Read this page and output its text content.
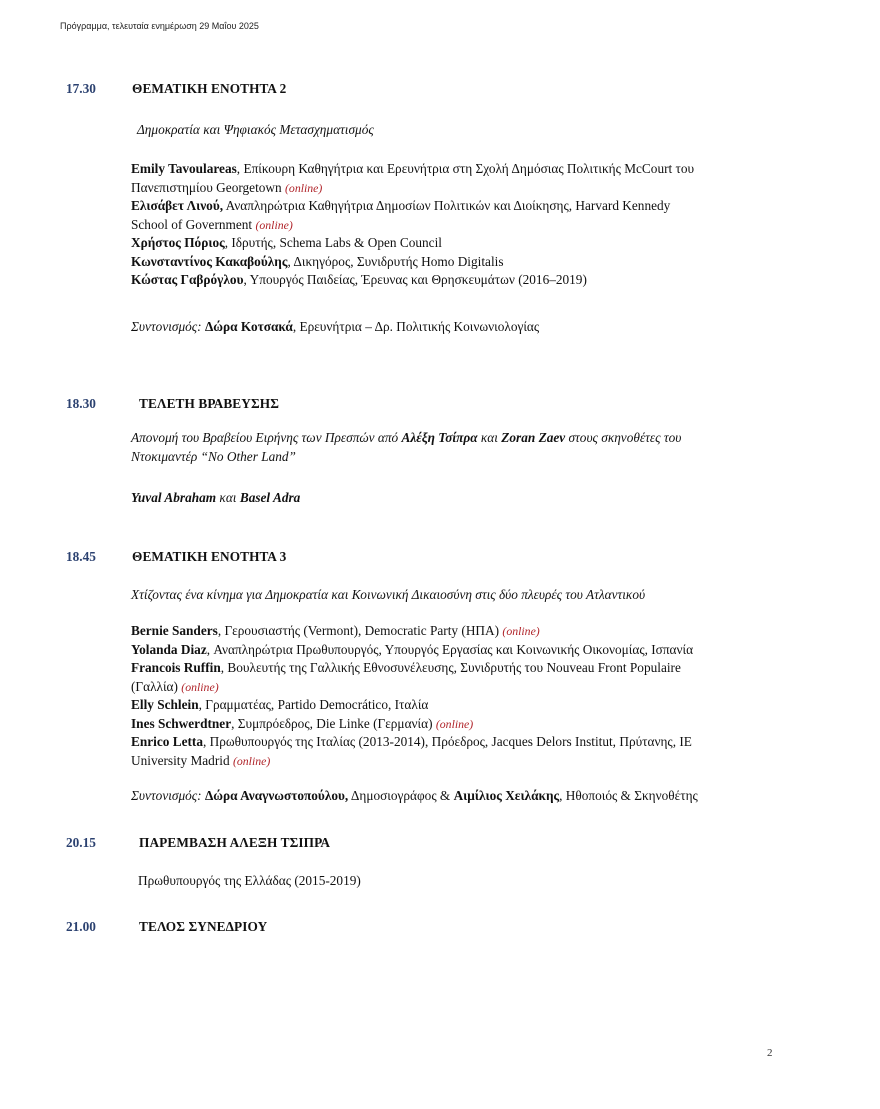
Πρόγραμμα, τελευταία ενημέρωση 29 Μαΐου 2025
17.30	ΘΕΜΑΤΙΚΗ ΕΝΟΤΗΤΑ 2
Δημοκρατία και Ψηφιακός Μετασχηματισμός
Emily Tavoulareas, Επίκουρη Καθηγήτρια και Ερευνήτρια στη Σχολή Δημόσιας Πολιτικής McCourt του
Πανεπιστημίου Georgetown (online)
Ελισάβετ Λινού, Αναπληρώτρια Καθηγήτρια Δημοσίων Πολιτικών και Διοίκησης, Harvard Kennedy
School of Government (online)
Χρήστος Πόριος, Ιδρυτής, Schema Labs & Open Council
Κωνσταντίνος Κακαβούλης, Δικηγόρος, Συνιδρυτής Homo Digitalis
Κώστας Γαβρόγλου, Υπουργός Παιδείας, Έρευνας και Θρησκευμάτων (2016–2019)
Συντονισμός: Δώρα Κοτσακά, Ερευνήτρια – Δρ. Πολιτικής Κοινωνιολογίας
18.30	ΤΕΛΕΤΗ ΒΡΑΒΕΥΣΗΣ
Απονομή του Βραβείου Ειρήνης των Πρεσπών από Αλέξη Τσίπρα και Zoran Zaev στους σκηνοθέτες του
Ντοκιμαντέρ “No Other Land”
Yuval Abraham και Basel Adra
18.45	ΘΕΜΑΤΙΚΗ ΕΝΟΤΗΤΑ 3
Χτίζοντας ένα κίνημα για Δημοκρατία και Κοινωνική Δικαιοσύνη στις δύο πλευρές του Ατλαντικού
Bernie Sanders, Γερουσιαστής (Vermont), Democratic Party (ΗΠΑ) (online)
Yolanda Diaz, Αναπληρώτρια Πρωθυπουργός, Υπουργός Εργασίας και Κοινωνικής Οικονομίας, Ισπανία
Francois Ruffin, Βουλευτής της Γαλλικής Εθνοσυνέλευσης, Συνιδρυτής του Nouveau Front Populaire
(Γαλλία) (online)
Elly Schlein, Γραμματέας, Partido Democrático, Ιταλία
Ines Schwerdtner, Συμπρόεδρος, Die Linke (Γερμανία) (online)
Enrico Letta, Πρωθυπουργός της Ιταλίας (2013-2014), Πρόεδρος, Jacques Delors Institut, Πρύτανης, IE
University Madrid (online)
Συντονισμός: Δώρα Αναγνωστοπούλου, Δημοσιογράφος & Αιμίλιος Χειλάκης, Ηθοποιός & Σκηνοθέτης
20.15	ΠΑΡΕΜΒΑΣΗ ΑΛΕΞΗ ΤΣΙΠΡΑ
Πρωθυπουργός της Ελλάδας (2015-2019)
21.00	ΤΕΛΟΣ ΣΥΝΕΔΡΙΟΥ
2
